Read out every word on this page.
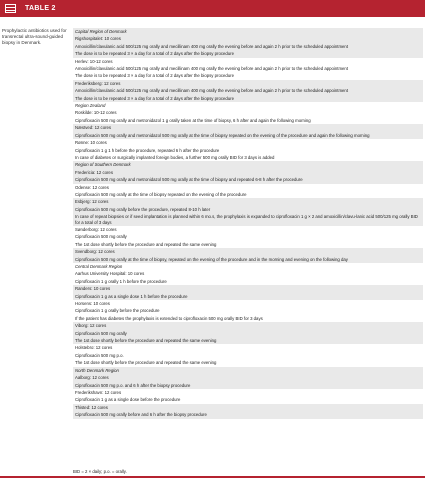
TABLE 2
Prophylactic antibiotics used for transrectal ultra-sound-guided biopsy in Denmark.
Capital Region of Denmark
Rigshospitalet: 10 cores
Amoxicillin/clavulanic acid 500/125 mg orally and mecillinam 400 mg orally the evening before and again 2 h prior to the scheduled appointment
The dose is to be repeated 3 × a day for a total of 2 days after the biopsy procedure
Herlev: 10-12 cores
Amoxicillin/clavulanic acid 500/125 mg orally and mecillinam 400 mg orally the evening before and again 2 h prior to the scheduled appointment
The dose is to be repeated 3 × a day for a total of 2 days after the biopsy procedure
Frederiksberg: 12 cores
Amoxicillin/clavulanic acid 500/125 mg orally and mecillinam 400 mg orally the evening before and again 2 h prior to the scheduled appointment
The dose is to be repeated 3 × a day for a total of 2 days after the biopsy procedure
Region Zealand
Roskilde: 10-12 cores
Ciprofloxacin 500 mg orally and metronidazol 1 g orally taken at the time of biopsy, 6 h after and again the following morning
Næstved: 12 cores
Ciprofloxacin 500 mg orally and metronidazol 500 mg orally at the time of biopsy repeated on the evening of the procedure and again the following morning
Rønne: 10 cores
Ciprofloxacin 1 g 1 h before the procedure, repeated 6 h after the procedure
In case of diabetes or surgically implanted foreign bodies, a further 500 mg orally BID for 3 days is added
Region of Southern Denmark
Fredericia: 12 cores
Ciprofloxacin 500 mg orally and metronidazol 500 mg orally at the time of biopsy and repeated 6-8 h after the procedure
Odense: 12 cores
Ciprofloxacin 500 mg orally at the time of biopsy repeated on the evening of the procedure
Esbjerg: 12 cores
Ciprofloxacin 500 mg orally before the procedure, repeated 8-10 h later
In case of repeat biopsies or if seed implantation is planned within 6 mo.s, the prophylaxis is expanded to ciprofloxacin 1 g × 2 and amoxicillin/clavu-lanic acid 500/125 mg orally BID for a total of 3 days
Sønderborg: 12 cores
Ciprofloxacin 500 mg orally
The 1st dose shortly before the procedure and repeated the same evening
Svendborg: 12 cores
Ciprofloxacin 500 mg orally at the time of biopsy, repeated on the evening of the procedure and in the morning and evening on the following day
Central Denmark Region
Aarhus University Hospital: 10 cores
Ciprofloxacin 1 g orally 1 h before the procedure
Randers: 10 cores
Ciprofloxacin 1 g as a single dose 1 h before the procedure
Horsens: 10 cores
Ciprofloxacin 1 g orally before the procedure
If the patient has diabetes the prophylaxis is extended to ciprofloxacin 500 mg orally BID for 3 days
Viborg: 12 cores
Ciprofloxacin 500 mg orally
The 1st dose shortly before the procedure and repeated the same evening
Holstebro: 12 cores
Ciprofloxacin 500 mg p.o.
The 1st dose shortly before the procedure and repeated the same evening
North Denmark Region
Aalborg: 12 cores
Ciprofloxacin 500 mg p.o. and 6 h after the biopsy procedure
Frederikshavn: 12 cores
Ciprofloxacin 1 g as a single dose before the procedure
Thisted: 12 cores
Ciprofloxacin 500 mg orally before and 6 h after the biopsy procedure
BID = 2 × daily; p.o. = orally.
